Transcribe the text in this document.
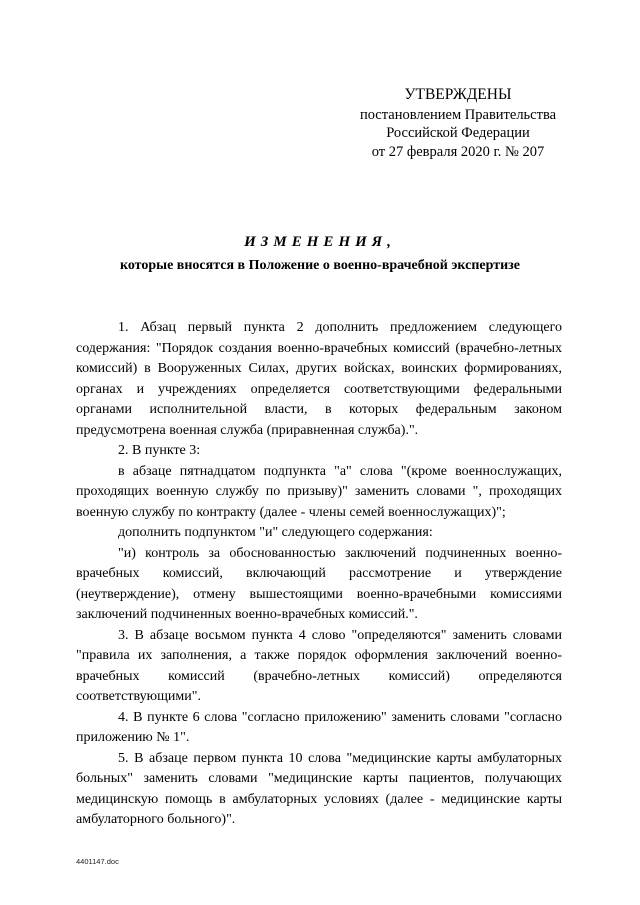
УТВЕРЖДЕНЫ
постановлением Правительства
Российской Федерации
от 27 февраля 2020 г. № 207
ИЗМЕНЕНИЯ,
которые вносятся в Положение о военно-врачебной экспертизе

1. Абзац первый пункта 2 дополнить предложением следующего содержания: "Порядок создания военно-врачебных комиссий (врачебно-летных комиссий) в Вооруженных Силах, других войсках, воинских формированиях, органах и учреждениях определяется соответствующими федеральными органами исполнительной власти, в которых федеральным законом предусмотрена военная служба (приравненная служба).".

2. В пункте 3:

в абзаце пятнадцатом подпункта "а" слова "(кроме военнослужащих, проходящих военную службу по призыву)" заменить словами ", проходящих военную службу по контракту (далее - члены семей военнослужащих)";

дополнить подпунктом "и" следующего содержания:

"и) контроль за обоснованностью заключений подчиненных военно-врачебных комиссий, включающий рассмотрение и утверждение (неутверждение), отмену вышестоящими военно-врачебными комиссиями заключений подчиненных военно-врачебных комиссий.".

3. В абзаце восьмом пункта 4 слово "определяются" заменить словами "правила их заполнения, а также порядок оформления заключений военно-врачебных комиссий (врачебно-летных комиссий) определяются соответствующими".

4. В пункте 6 слова "согласно приложению" заменить словами "согласно приложению № 1".

5. В абзаце первом пункта 10 слова "медицинские карты амбулаторных больных" заменить словами "медицинские карты пациентов, получающих медицинскую помощь в амбулаторных условиях (далее - медицинские карты амбулаторного больного)".

4401147.doc
